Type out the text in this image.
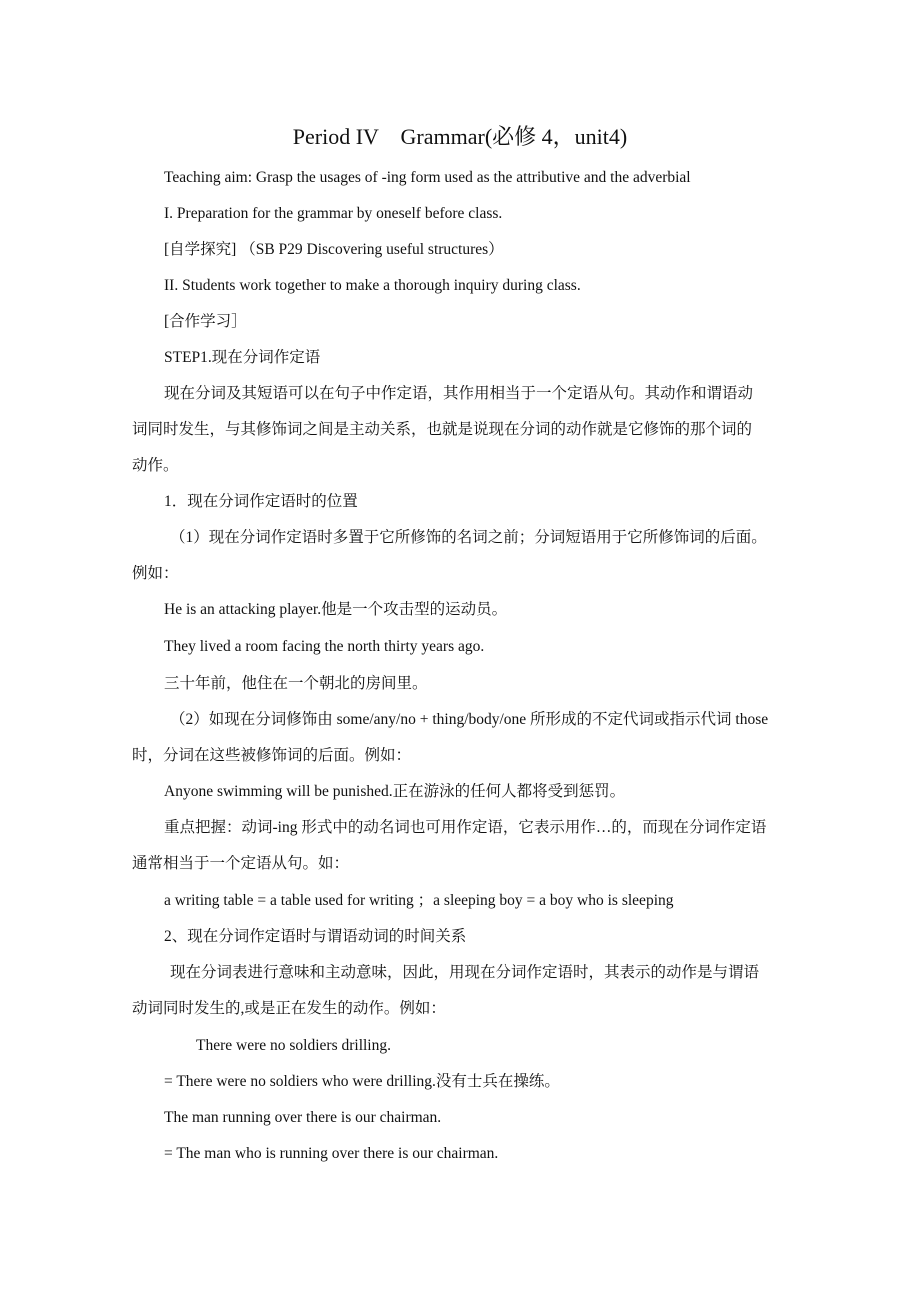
Period IV　Grammar(必修 4，unit4)
Teaching aim: Grasp the usages of -ing form used as the attributive and the adverbial
I. Preparation for the grammar by oneself before class.
[自学探究] （SB P29 Discovering useful structures）
II. Students work together to make a thorough inquiry during class.
[合作学习］
STEP1.现在分词作定语
现在分词及其短语可以在句子中作定语，其作用相当于一个定语从句。其动作和谓语动
词同时发生，与其修饰词之间是主动关系，也就是说现在分词的动作就是它修饰的那个词的
动作。
1．现在分词作定语时的位置
（1）现在分词作定语时多置于它所修饰的名词之前；分词短语用于它所修饰词的后面。
例如：
He is an attacking player.他是一个攻击型的运动员。
They lived a room facing the north thirty years ago.
三十年前，他住在一个朝北的房间里。
（2）如现在分词修饰由 some/any/no + thing/body/one 所形成的不定代词或指示代词 those
时，分词在这些被修饰词的后面。例如：
Anyone swimming will be punished.正在游泳的任何人都将受到惩罚。
重点把握：动词-ing 形式中的动名词也可用作定语，它表示用作…的，而现在分词作定语
通常相当于一个定语从句。如：
a writing table = a table used for writing ；a sleeping boy = a boy who is sleeping
2、现在分词作定语时与谓语动词的时间关系
现在分词表进行意味和主动意味，因此，用现在分词作定语时，其表示的动作是与谓语
动词同时发生的,或是正在发生的动作。例如：
There were no soldiers drilling.
= There were no soldiers who were drilling.没有士兵在操练。
The man running over there is our chairman.
= The man who is running over there is our chairman.
